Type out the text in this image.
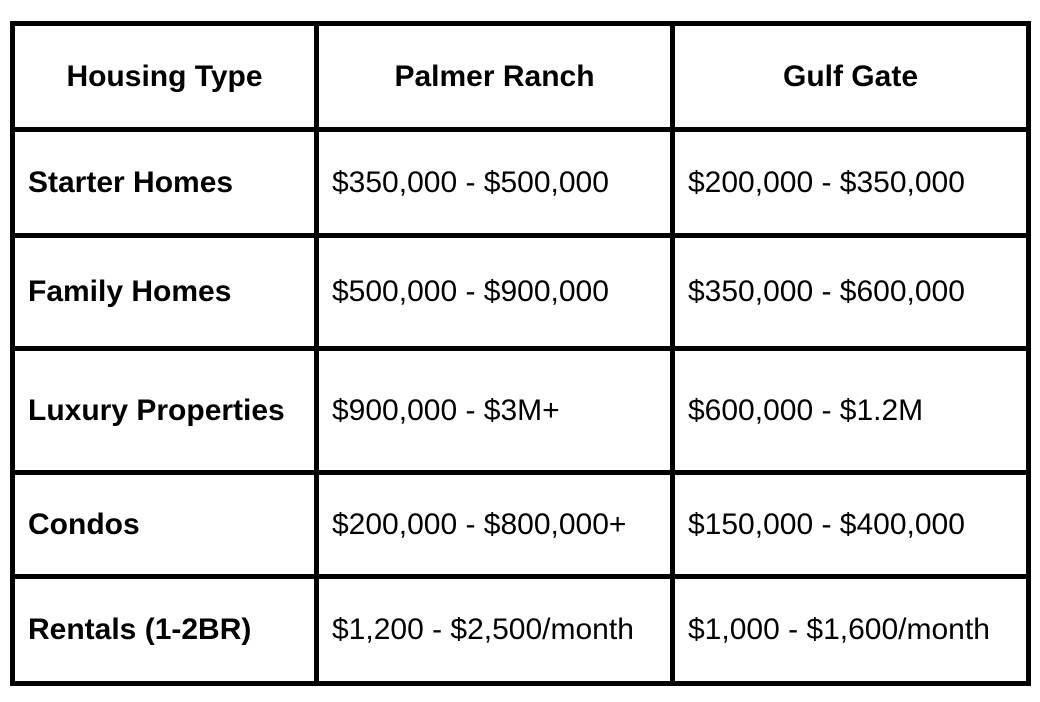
Housing Type	Palmer Ranch	Gulf Gate
Starter Homes	$350,000 - $500,000	$200,000 - $350,000
Family Homes	$500,000 - $900,000	$350,000 - $600,000
Luxury Properties	$900,000 - $3M+	$600,000 - $1.2M
Condos	$200,000 - $800,000+	$150,000 - $400,000
Rentals (1-2BR)	$1,200 - $2,500/month	$1,000 - $1,600/month
